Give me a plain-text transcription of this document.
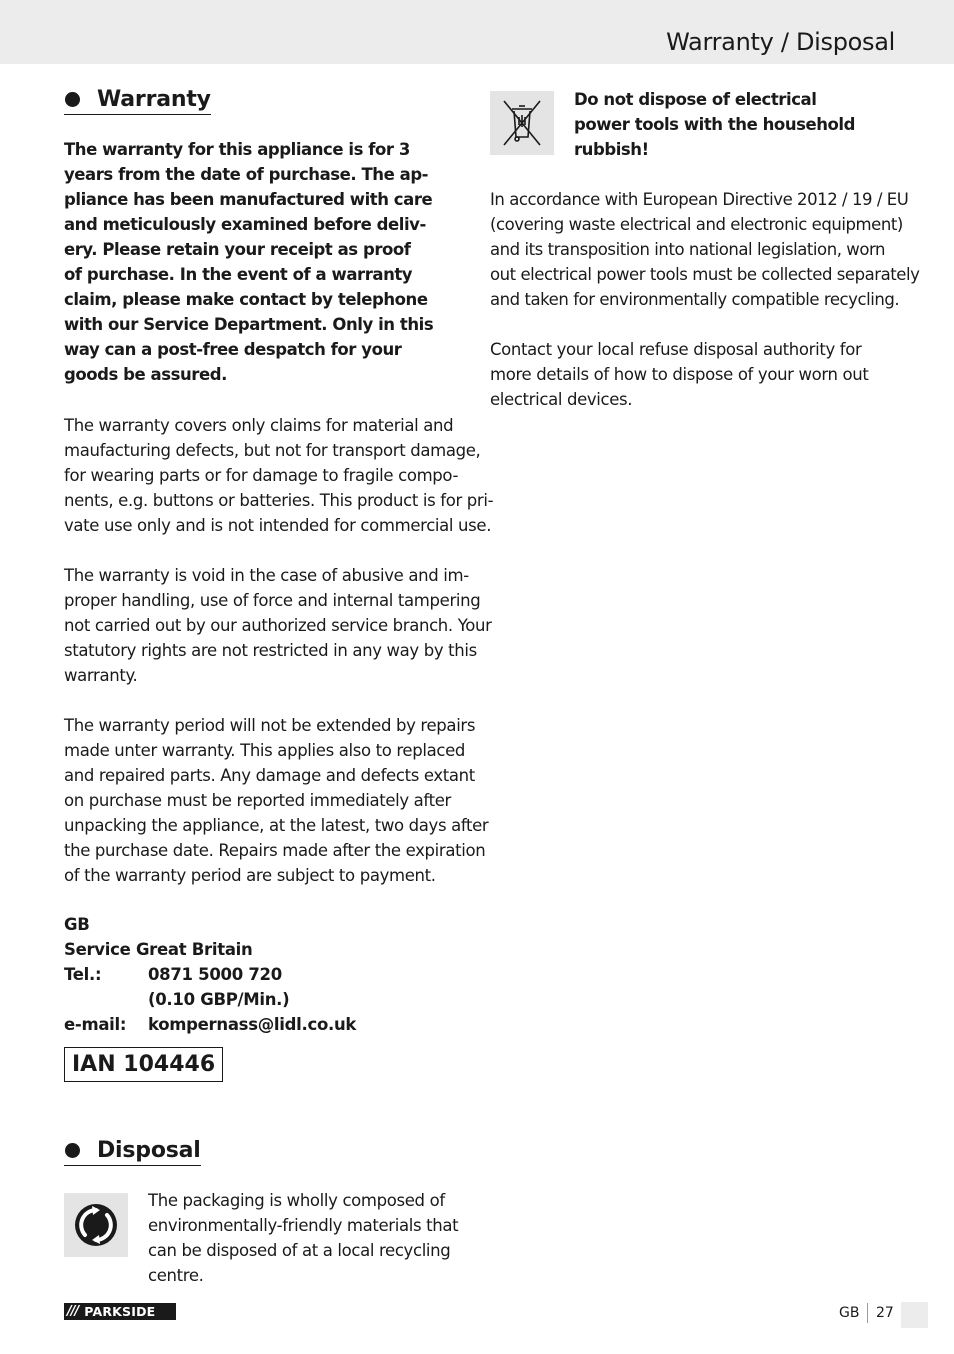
Warranty / Disposal
Warranty
The warranty for this appliance is for 3
years from the date of purchase. The ap-
pliance has been manufactured with care
and meticulously examined before deliv-
ery. Please retain your receipt as proof
of purchase. In the event of a warranty
claim, please make contact by telephone
with our Service Department. Only in this
way can a post-free despatch for your
goods be assured.
The warranty covers only claims for material and
maufacturing defects, but not for transport damage,
for wearing parts or for damage to fragile compo-
nents, e.g. buttons or batteries. This product is for pri-
vate use only and is not intended for commercial use.
The warranty is void in the case of abusive and im-
proper handling, use of force and internal tampering
not carried out by our authorized service branch. Your
statutory rights are not restricted in any way by this
warranty.
The warranty period will not be extended by repairs
made unter warranty. This applies also to replaced
and repaired parts. Any damage and defects extant
on purchase must be reported immediately after
unpacking the appliance, at the latest, two days after
the purchase date. Repairs made after the expiration
of the warranty period are subject to payment.
GB
Service Great Britain
Tel.:	0871 5000 720
(0.10 GBP/Min.)
e-mail:	kompernass@lidl.co.uk
IAN 104446
Disposal
The packaging is wholly composed of
environmentally-friendly materials that
can be disposed of at a local recycling
centre.
Do not dispose of electrical
power tools with the household
rubbish!
In accordance with European Directive 2012 / 19 / EU
(covering waste electrical and electronic equipment)
and its transposition into national legislation, worn
out electrical power tools must be collected separately
and taken for environmentally compatible recycling.
Contact your local refuse disposal authority for
more details of how to dispose of your worn out
electrical devices.
/// PARKSIDE	GB 27
